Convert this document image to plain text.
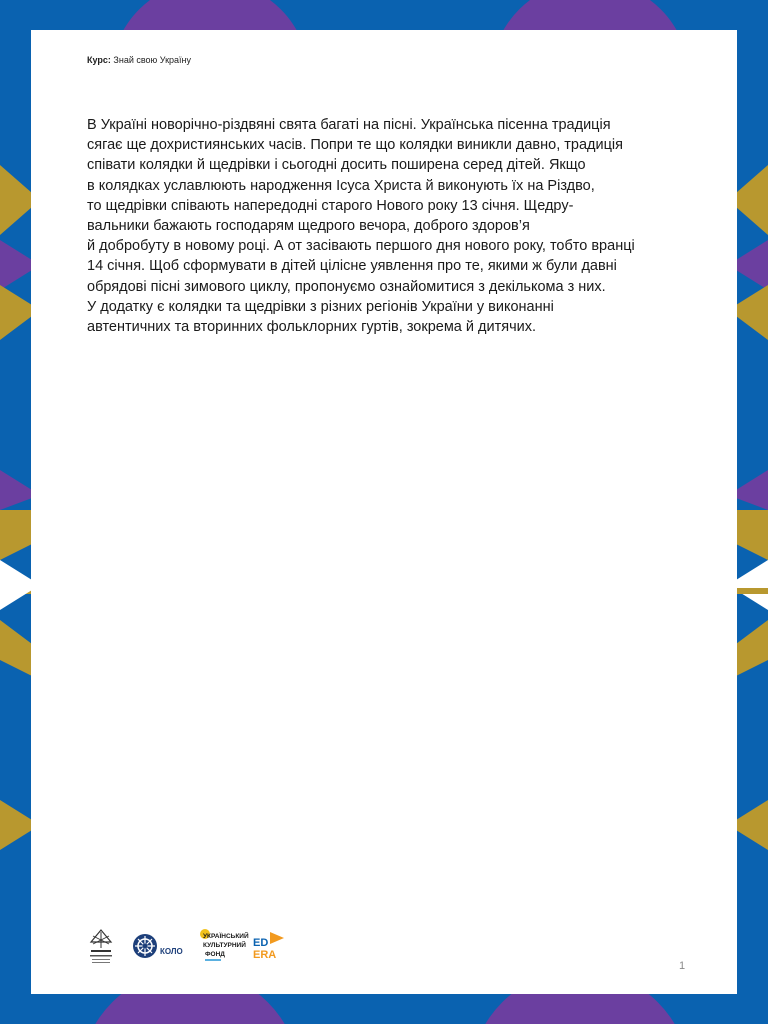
Курс: Знай свою Україну
В Україні новорічно-різдвяні свята багаті на пісні. Українська пісенна традиція
сягає ще дохристиянських часів. Попри те що колядки виникли давно, традиція
співати колядки й щедрівки і сьогодні досить поширена серед дітей. Якщо
в колядках уславлюють народження Ісуса Христа й виконують їх на Різдво,
то щедрівки співають напередодні старого Нового року 13 січня. Щедру-
вальники бажають господарям щедрого вечора, доброго здоров’я
й добробуту в новому році. А от засівають першого дня нового року, тобто вранці
14 січня. Щоб сформувати в дітей цілісне уявлення про те, якими ж були давні
обрядові пісні зимового циклу, пропонуємо ознайомитися з декількома з них.
У додатку є колядки та щедрівки з різних регіонів України у виконанні
автентичних та вторинних фольклорних гуртів, зокрема й дитячих.
КОЛО
УКРАЇНСЬКИЙ
КУЛЬТУРНИЙ
ФОНД
ED
ERA
1
